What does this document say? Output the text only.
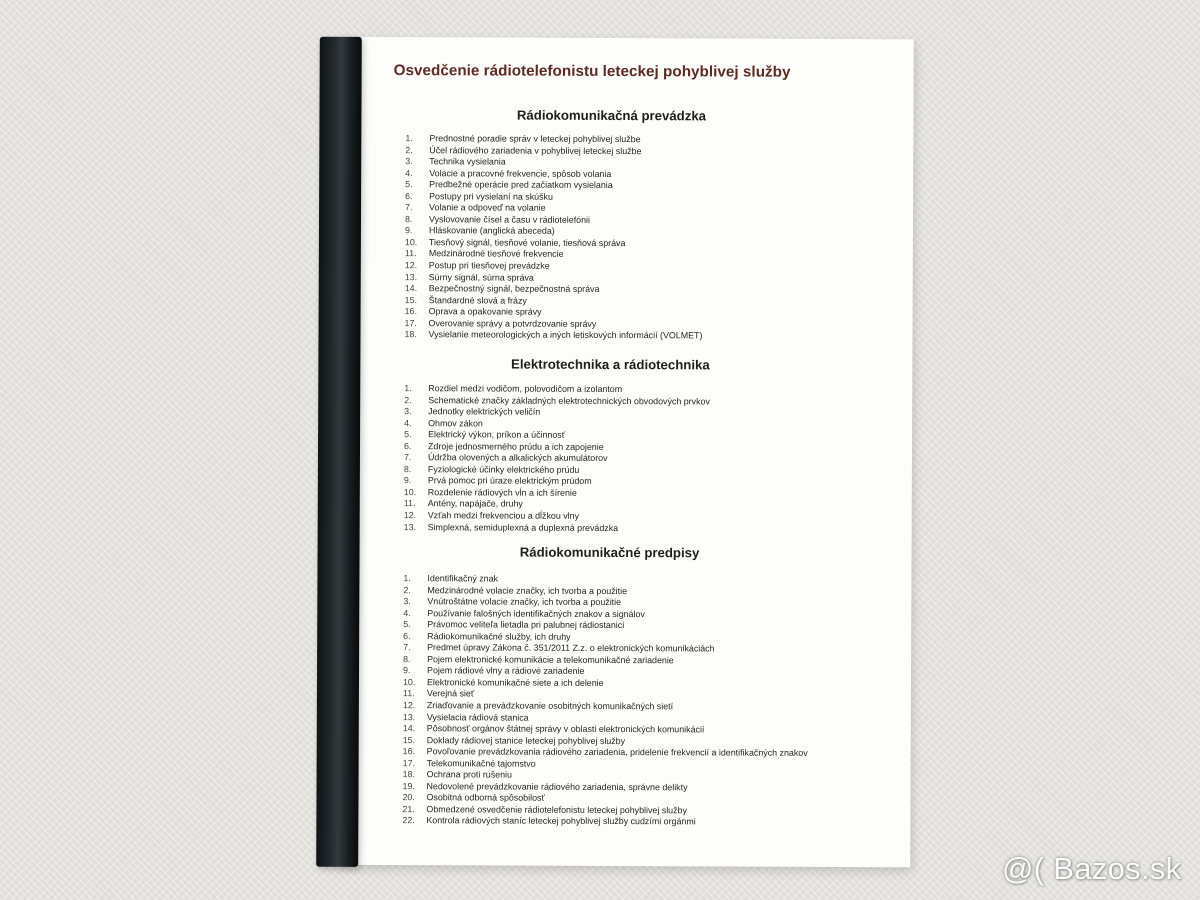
Osvedčenie rádiotelefonistu leteckej pohyblivej služby
Rádiokomunikačná prevádzka
1.	Prednostné poradie správ v leteckej pohyblivej službe
2.	Účel rádiového zariadenia v pohyblivej leteckej službe
3.	Technika vysielania
4.	Volacie a pracovné frekvencie, spôsob volania
5.	Predbežné operácie pred začiatkom vysielania
6.	Postupy pri vysielaní na skúšku
7.	Volanie a odpoveď na volanie
8.	Vyslovovanie čísel a času v rádiotelefónii
9.	Hláskovanie (anglická abeceda)
10.	Tiesňový signál, tiesňové volanie, tiesňová správa
11.	Medzinárodné tiesňové frekvencie
12.	Postup pri tiesňovej prevádzke
13.	Súrny signál, súrna správa
14.	Bezpečnostný signál, bezpečnostná správa
15.	Štandardné slová a frázy
16.	Oprava a opakovanie správy
17.	Overovanie správy a potvrdzovanie správy
18.	Vysielanie meteorologických a iných letiskových informácií (VOLMET)
Elektrotechnika a rádiotechnika
1.	Rozdiel medzi vodičom, polovodičom a izolantom
2.	Schematické značky základných elektrotechnických obvodových prvkov
3.	Jednotky elektrických veličín
4.	Ohmov zákon
5.	Elektrický výkon, príkon a účinnosť
6.	Zdroje jednosmerného prúdu a ich zapojenie
7.	Údržba olovených a alkalických akumulátorov
8.	Fyziologické účinky elektrického prúdu
9.	Prvá pomoc pri úraze elektrickým prúdom
10.	Rozdelenie rádiových vĺn a ich šírenie
11.	Antény, napájače, druhy
12.	Vzťah medzi frekvenciou a dĺžkou vlny
13.	Simplexná, semiduplexná a duplexná prevádzka
Rádiokomunikačné predpisy
1.	Identifikačný znak
2.	Medzinárodné volacie značky, ich tvorba a použitie
3.	Vnútroštátne volacie značky, ich tvorba a použitie
4.	Používanie falošných identifikačných znakov a signálov
5.	Právomoc veliteľa lietadla pri palubnej rádiostanici
6.	Rádiokomunikačné služby, ich druhy
7.	Predmet úpravy Zákona č. 351/2011 Z.z. o elektronických komunikáciách
8.	Pojem elektronické komunikácie a telekomunikačné zariadenie
9.	Pojem rádiové vlny a rádiové zariadenie
10.	Elektronické komunikačné siete a ich delenie
11.	Verejná sieť
12.	Zriaďovanie a prevádzkovanie osobitných komunikačných sietí
13.	Vysielacia rádiová stanica
14.	Pôsobnosť orgánov štátnej správy v oblasti elektronických komunikácií
15.	Doklady rádiovej stanice leteckej pohyblivej služby
16.	Povoľovanie prevádzkovania rádiového zariadenia, pridelenie frekvencií a identifikačných znakov
17.	Telekomunikačné tajomstvo
18.	Ochrana proti rušeniu
19.	Nedovolené prevádzkovanie rádiového zariadenia, správne delikty
20.	Osobitná odborná spôsobilosť
21.	Obmedzené osvedčenie rádiotelefonistu leteckej pohyblivej služby
22.	Kontrola rádiových staníc leteckej pohyblivej služby cudzími orgánmi
@( Bazos.sk
